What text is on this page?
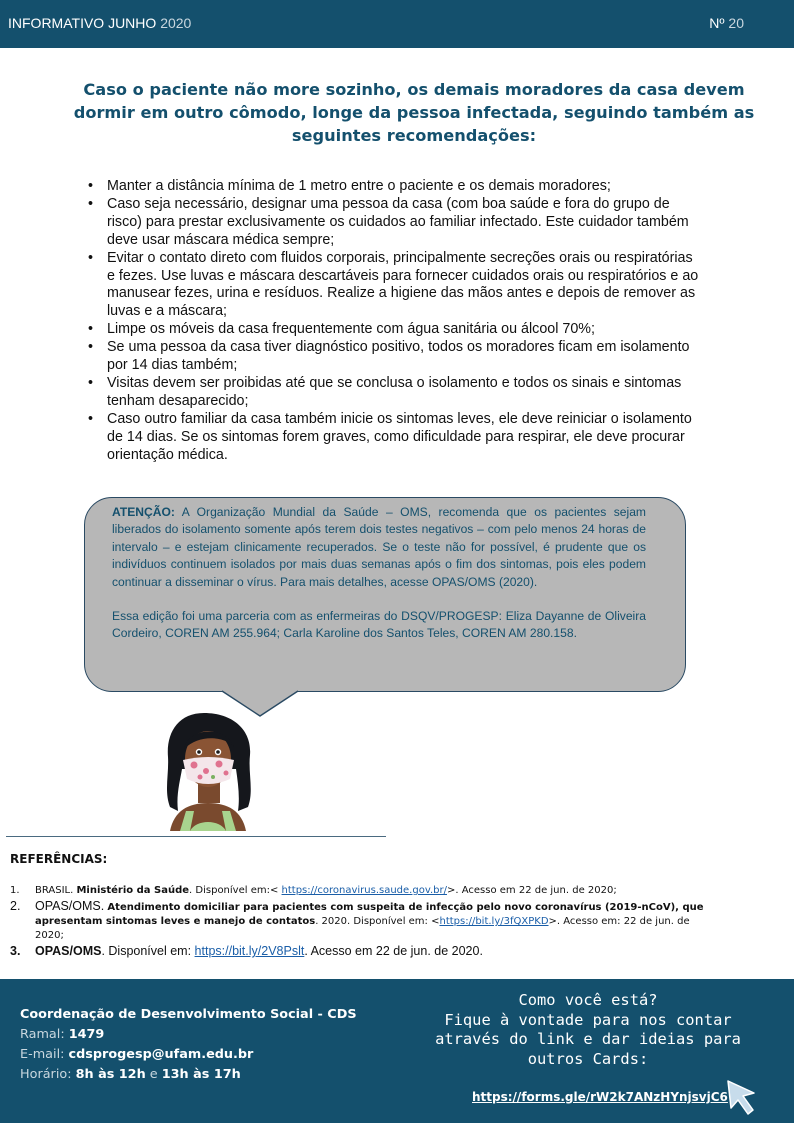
INFORMATIVO JUNHO 2020	Nº 20
Caso o paciente não more sozinho, os demais moradores da casa devem dormir em outro cômodo, longe da pessoa infectada, seguindo também as seguintes recomendações:
• Manter a distância mínima de 1 metro entre o paciente e os demais moradores;
• Caso seja necessário, designar uma pessoa da casa (com boa saúde e fora do grupo de risco) para prestar exclusivamente os cuidados ao familiar infectado. Este cuidador também deve usar máscara médica sempre;
• Evitar o contato direto com fluidos corporais, principalmente secreções orais ou respiratórias e fezes. Use luvas e máscara descartáveis para fornecer cuidados orais ou respiratórios e ao manusear fezes, urina e resíduos. Realize a higiene das mãos antes e depois de remover as luvas e a máscara;
• Limpe os móveis da casa frequentemente com água sanitária ou álcool 70%;
• Se uma pessoa da casa tiver diagnóstico positivo, todos os moradores ficam em isolamento por 14 dias também;
• Visitas devem ser proibidas até que se conclusa o isolamento e todos os sinais e sintomas tenham desaparecido;
• Caso outro familiar da casa também inicie os sintomas leves, ele deve reiniciar o isolamento de 14 dias. Se os sintomas forem graves, como dificuldade para respirar, ele deve procurar orientação médica.

ATENÇÃO: A Organização Mundial da Saúde – OMS, recomenda que os pacientes sejam liberados do isolamento somente após terem dois testes negativos – com pelo menos 24 horas de intervalo – e estejam clinicamente recuperados. Se o teste não for possível, é prudente que os indivíduos continuem isolados por mais duas semanas após o fim dos sintomas, pois eles podem continuar a disseminar o vírus. Para mais detalhes, acesse OPAS/OMS (2020).

Essa edição foi uma parceria com as enfermeiras do DSQV/PROGESP: Eliza Dayanne de Oliveira Cordeiro, COREN AM 255.964; Carla Karoline dos Santos Teles, COREN AM 280.158.

REFERÊNCIAS:
1. BRASIL. Ministério da Saúde. Disponível em:< https://coronavirus.saude.gov.br/>. Acesso em 22 de jun. de 2020;
2. OPAS/OMS. Atendimento domiciliar para pacientes com suspeita de infecção pelo novo coronavírus (2019-nCoV), que apresentam sintomas leves e manejo de contatos. 2020. Disponível em: <https://bit.ly/3fQXPKD>. Acesso em: 22 de jun. de 2020;
3. OPAS/OMS. Disponível em: https://bit.ly/2V8Pslt. Acesso em 22 de jun. de 2020.
Coordenação de Desenvolvimento Social - CDS
Ramal: 1479
E-mail: cdsprogesp@ufam.edu.br
Horário: 8h às 12h e 13h às 17h
Como você está?
Fique à vontade para nos contar
através do link e dar ideias para
outros Cards:
https://forms.gle/rW2k7ANzHYnjsvjC6
